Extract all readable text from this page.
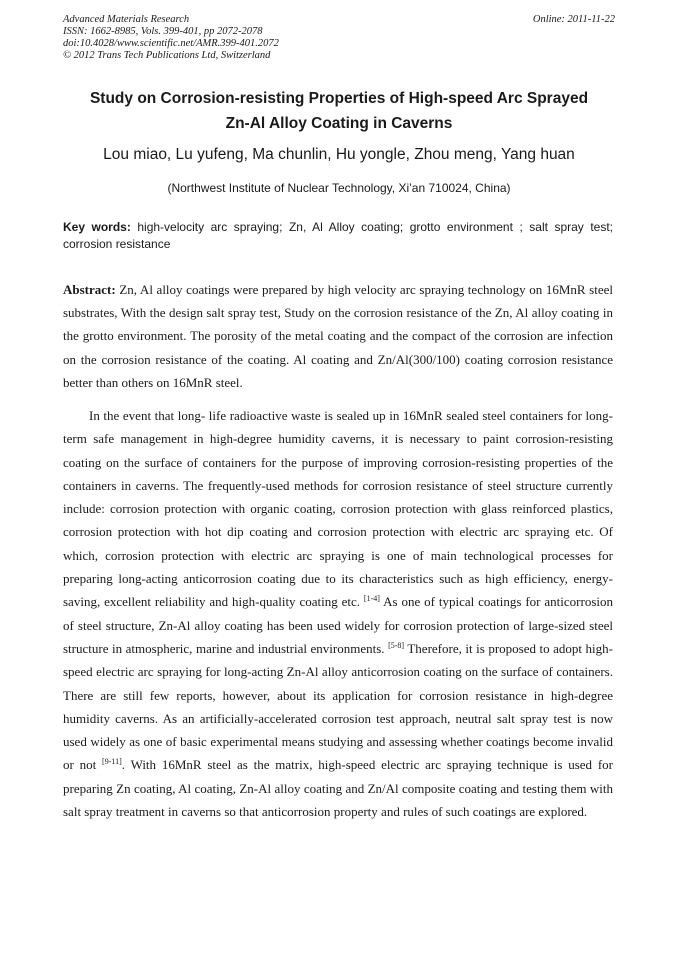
Advanced Materials Research
ISSN: 1662-8985, Vols. 399-401, pp 2072-2078
doi:10.4028/www.scientific.net/AMR.399-401.2072
© 2012 Trans Tech Publications Ltd, Switzerland
Online: 2011-11-22
Study on Corrosion-resisting Properties of High-speed Arc Sprayed
Zn-Al Alloy Coating in Caverns
Lou miao, Lu yufeng, Ma chunlin, Hu yongle, Zhou meng, Yang huan
(Northwest Institute of Nuclear Technology, Xi’an 710024, China)
Key words: high-velocity arc spraying; Zn, Al Alloy coating; grotto environment ; salt spray test; corrosion resistance

Abstract: Zn, Al alloy coatings were prepared by high velocity arc spraying technology on 16MnR steel substrates, With the design salt spray test, Study on the corrosion resistance of the Zn, Al alloy coating in the grotto environment. The porosity of the metal coating and the compact of the corrosion are infection on the corrosion resistance of the coating. Al coating and Zn/Al(300/100) coating corrosion resistance better than others on 16MnR steel.

In the event that long- life radioactive waste is sealed up in 16MnR sealed steel containers for long-term safe management in high-degree humidity caverns, it is necessary to paint corrosion-resisting coating on the surface of containers for the purpose of improving corrosion-resisting properties of the containers in caverns. The frequently-used methods for corrosion resistance of steel structure currently include: corrosion protection with organic coating, corrosion protection with glass reinforced plastics, corrosion protection with hot dip coating and corrosion protection with electric arc spraying etc. Of which, corrosion protection with electric arc spraying is one of main technological processes for preparing long-acting anticorrosion coating due to its characteristics such as high efficiency, energy-saving, excellent reliability and high-quality coating etc. [1-4] As one of typical coatings for anticorrosion of steel structure, Zn-Al alloy coating has been used widely for corrosion protection of large-sized steel structure in atmospheric, marine and industrial environments. [5-8] Therefore, it is proposed to adopt high-speed electric arc spraying for long-acting Zn-Al alloy anticorrosion coating on the surface of containers. There are still few reports, however, about its application for corrosion resistance in high-degree humidity caverns. As an artificially-accelerated corrosion test approach, neutral salt spray test is now used widely as one of basic experimental means studying and assessing whether coatings become invalid or not [9-11]. With 16MnR steel as the matrix, high-speed electric arc spraying technique is used for preparing Zn coating, Al coating, Zn-Al alloy coating and Zn/Al composite coating and testing them with salt spray treatment in caverns so that anticorrosion property and rules of such coatings are explored.
